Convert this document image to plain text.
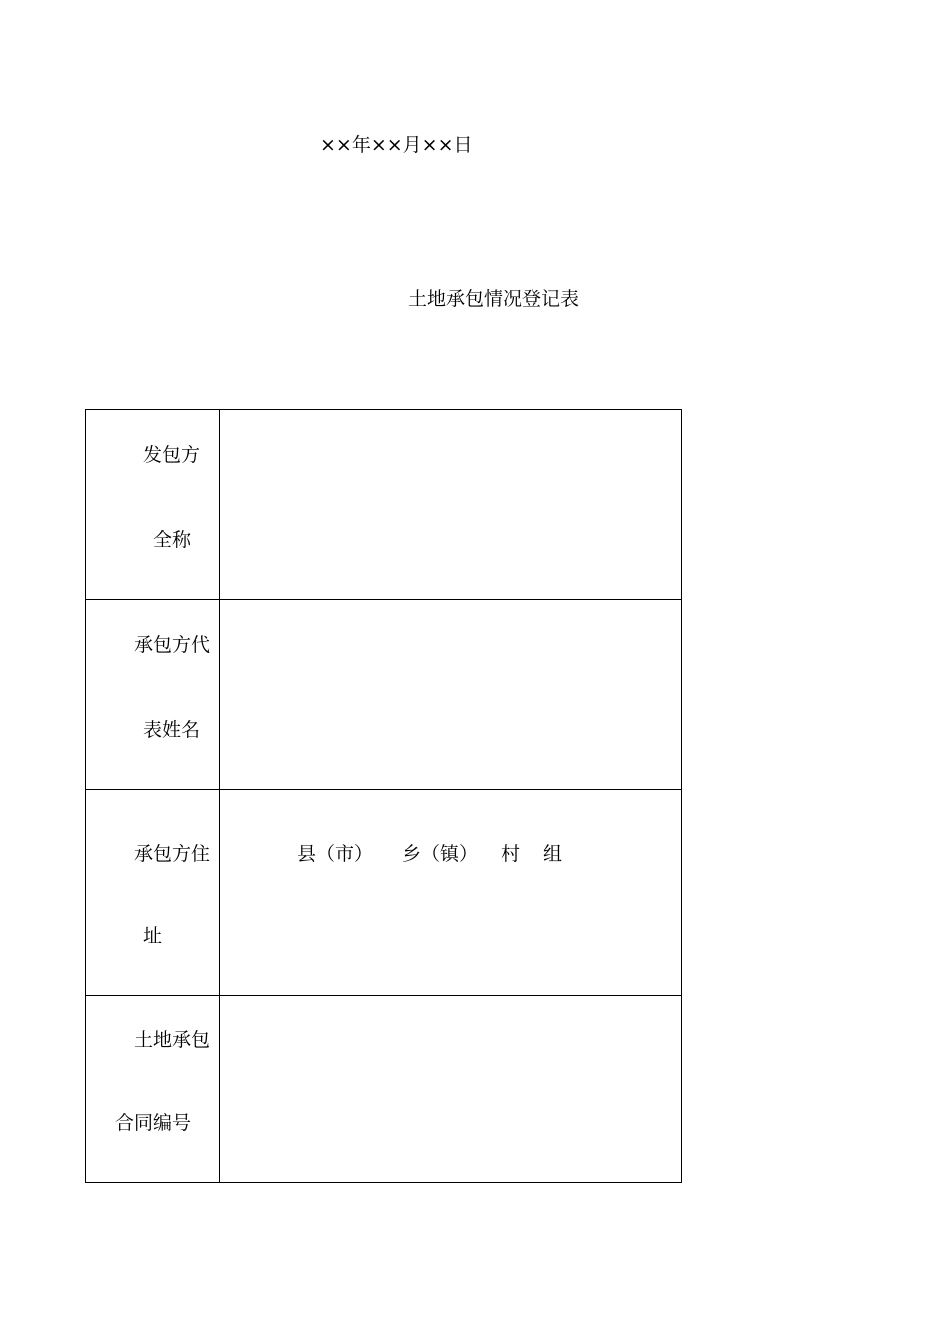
××年××月××日
土地承包情况登记表
发包方
全称	

承包方代
表姓名	

承包方住
址	县（市） 乡（镇） 村 组

土地承包
合同编号	
